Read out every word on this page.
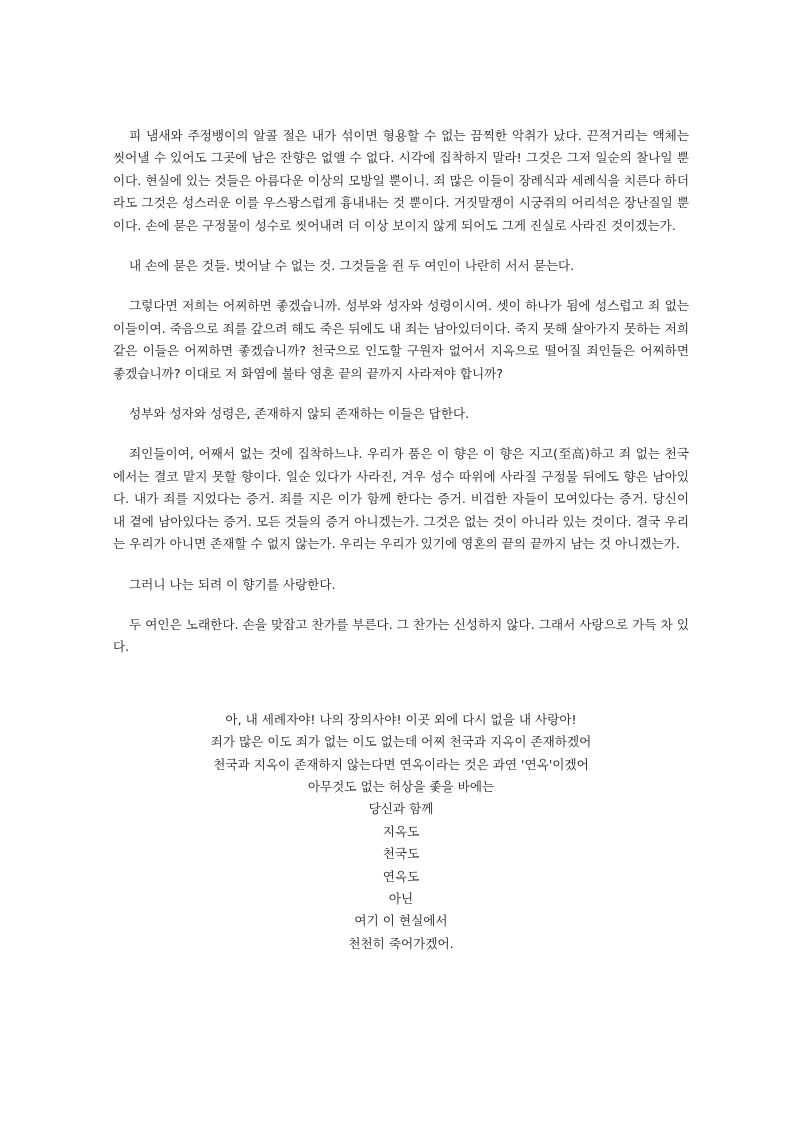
피 냄새와 주정뱅이의 알콜 절은 내가 섞이면 형용할 수 없는 끔찍한 악취가 났다. 끈적거리는 액체는 씻어낼 수 있어도 그곳에 남은 잔향은 없앨 수 없다. 시각에 집착하지 말라! 그것은 그저 일순의 찰나일 뿐이다. 현실에 있는 것들은 아름다운 이상의 모방일 뿐이니. 죄 많은 이들이 장례식과 세례식을 치른다 하더라도 그것은 성스러운 이를 우스꽝스럽게 흉내내는 것 뿐이다. 거짓말쟁이 시궁쥐의 어리석은 장난질일 뿐이다. 손에 묻은 구정물이 성수로 씻어내려 더 이상 보이지 않게 되어도 그게 진실로 사라진 것이겠는가.

내 손에 묻은 것들. 벗어날 수 없는 것. 그것들을 쥔 두 여인이 나란히 서서 묻는다.

그렇다면 저희는 어찌하면 좋겠습니까. 성부와 성자와 성령이시여. 셋이 하나가 됨에 성스럽고 죄 없는 이들이여. 죽음으로 죄를 갚으려 해도 죽은 뒤에도 내 죄는 남아있더이다. 죽지 못해 살아가지 못하는 저희 같은 이들은 어찌하면 좋겠습니까? 천국으로 인도할 구원자 없어서 지옥으로 떨어질 죄인들은 어찌하면 좋겠습니까? 이대로 저 화염에 불타 영혼 끝의 끝까지 사라져야 합니까?

성부와 성자와 성령은, 존재하지 않되 존재하는 이들은 답한다.

죄인들이여, 어째서 없는 것에 집착하느냐. 우리가 품은 이 향은 이 향은 지고(至高)하고 죄 없는 천국에서는 결코 맡지 못할 향이다. 일순 있다가 사라진, 겨우 성수 따위에 사라질 구정물 뒤에도 향은 남아있다. 내가 죄를 지었다는 증거. 죄를 지은 이가 함께 한다는 증거. 비겁한 자들이 모여있다는 증거. 당신이 내 곁에 남아있다는 증거. 모든 것들의 증거 아니겠는가. 그것은 없는 것이 아니라 있는 것이다. 결국 우리는 우리가 아니면 존재할 수 없지 않는가. 우리는 우리가 있기에 영혼의 끝의 끝까지 남는 것 아니겠는가.

그러니 나는 되려 이 향기를 사랑한다.

두 여인은 노래한다. 손을 맞잡고 찬가를 부른다. 그 찬가는 신성하지 않다. 그래서 사랑으로 가득 차 있다.

아, 내 세례자야! 나의 장의사야! 이곳 외에 다시 없을 내 사랑아!
죄가 많은 이도 죄가 없는 이도 없는데 어찌 천국과 지옥이 존재하겠어
천국과 지옥이 존재하지 않는다면 연옥이라는 것은 과연 '연옥'이겠어
아무것도 없는 허상을 좇을 바에는
당신과 함께
지옥도
천국도
연옥도
아닌
여기 이 현실에서
천천히 죽어가겠어.
